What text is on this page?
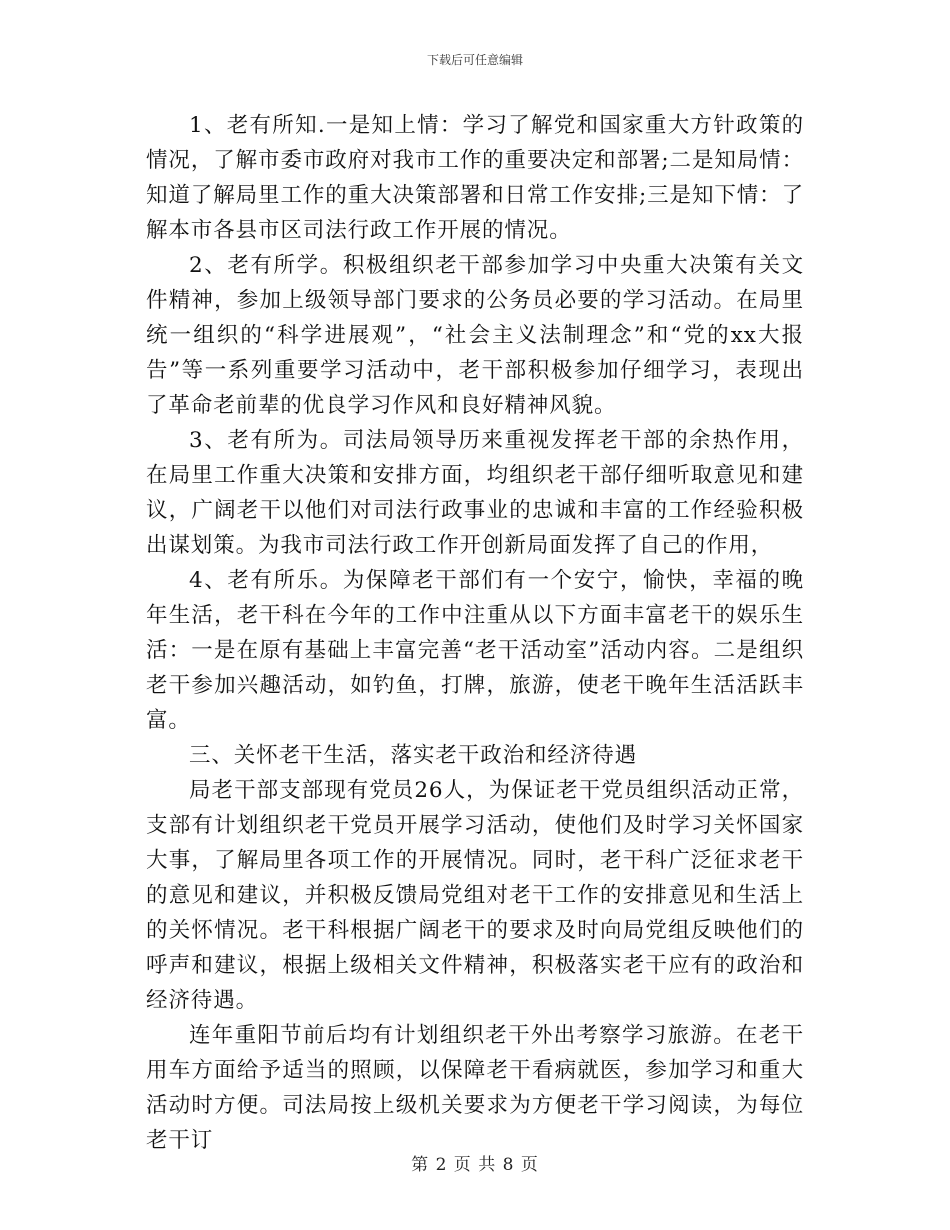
下载后可任意编辑

1、老有所知.一是知上情：学习了解党和国家重大方针政策的情况，了解市委市政府对我市工作的重要决定和部署;二是知局情：知道了解局里工作的重大决策部署和日常工作安排;三是知下情：了解本市各县市区司法行政工作开展的情况。

2、老有所学。积极组织老干部参加学习中央重大决策有关文件精神，参加上级领导部门要求的公务员必要的学习活动。在局里统一组织的“科学进展观”，“社会主义法制理念”和“党的xx大报告”等一系列重要学习活动中，老干部积极参加仔细学习，表现出了革命老前辈的优良学习作风和良好精神风貌。

3、老有所为。司法局领导历来重视发挥老干部的余热作用，在局里工作重大决策和安排方面，均组织老干部仔细听取意见和建议，广阔老干以他们对司法行政事业的忠诚和丰富的工作经验积极出谋划策。为我市司法行政工作开创新局面发挥了自己的作用，

4、老有所乐。为保障老干部们有一个安宁，愉快，幸福的晚年生活，老干科在今年的工作中注重从以下方面丰富老干的娱乐生活：一是在原有基础上丰富完善“老干活动室”活动内容。二是组织老干参加兴趣活动，如钓鱼，打牌，旅游，使老干晚年生活活跃丰富。

三、关怀老干生活，落实老干政治和经济待遇

局老干部支部现有党员26人，为保证老干党员组织活动正常，支部有计划组织老干党员开展学习活动，使他们及时学习关怀国家大事，了解局里各项工作的开展情况。同时，老干科广泛征求老干的意见和建议，并积极反馈局党组对老干工作的安排意见和生活上的关怀情况。老干科根据广阔老干的要求及时向局党组反映他们的呼声和建议，根据上级相关文件精神，积极落实老干应有的政治和经济待遇。

连年重阳节前后均有计划组织老干外出考察学习旅游。在老干用车方面给予适当的照顾，以保障老干看病就医，参加学习和重大活动时方便。司法局按上级机关要求为方便老干学习阅读，为每位老干订

第 2 页 共 8 页
